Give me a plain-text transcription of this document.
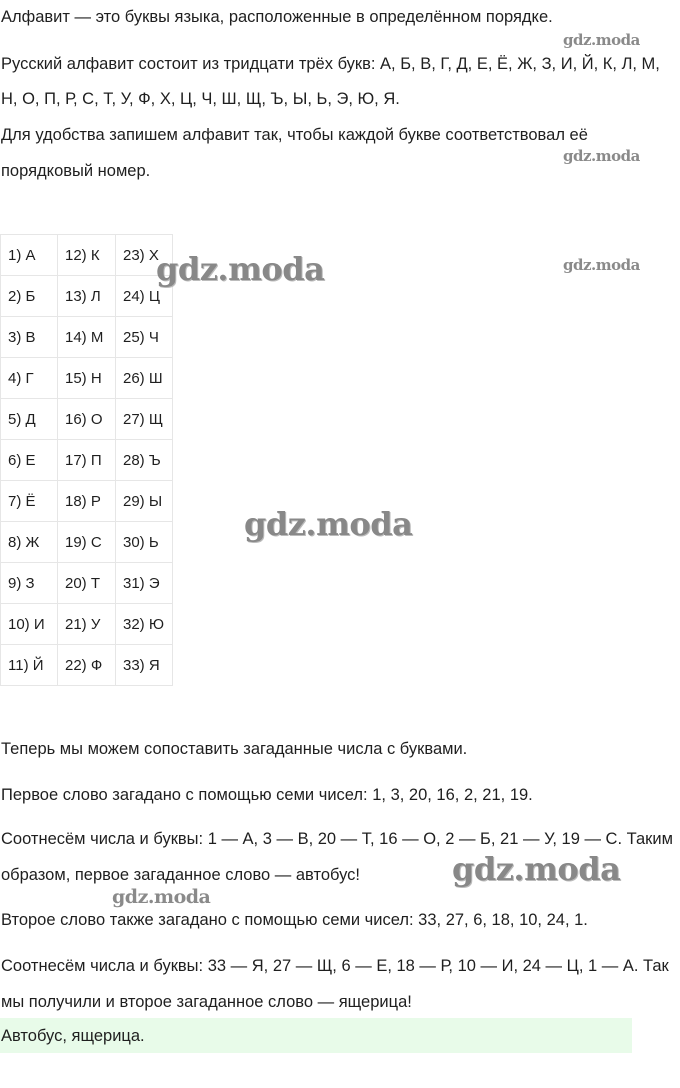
Алфавит — это буквы языка, расположенные в определённом порядке.
gdz.moda
Русский алфавит состоит из тридцати трёх букв: А, Б, В, Г, Д, Е, Ё, Ж, З, И, Й, К, Л, М,
Н, О, П, Р, С, Т, У, Ф, Х, Ц, Ч, Ш, Щ, Ъ, Ы, Ь, Э, Ю, Я.
Для удобства запишем алфавит так, чтобы каждой букве соответствовал её
gdz.moda
порядковый номер.
1) А	12) К	23) Х
2) Б	13) Л	24) Ц
3) В	14) М	25) Ч
4) Г	15) Н	26) Ш
5) Д	16) О	27) Щ
6) Е	17) П	28) Ъ
7) Ё	18) Р	29) Ы
8) Ж	19) С	30) Ь
9) З	20) Т	31) Э
10) И	21) У	32) Ю
11) Й	22) Ф	33) Я
gdz.moda	gdz.moda
gdz.moda
Теперь мы можем сопоставить загаданные числа с буквами.
Первое слово загадано с помощью семи чисел: 1, 3, 20, 16, 2, 21, 19.
Соотнесём числа и буквы: 1 — А, 3 — В, 20 — Т, 16 — О, 2 — Б, 21 — У, 19 — С. Таким
образом, первое загаданное слово — автобус!	gdz.moda
gdz.moda
Второе слово также загадано с помощью семи чисел: 33, 27, 6, 18, 10, 24, 1.
Соотнесём числа и буквы: 33 — Я, 27 — Щ, 6 — Е, 18 — Р, 10 — И, 24 — Ц, 1 — А. Так
мы получили и второе загаданное слово — ящерица!
Автобус, ящерица.
